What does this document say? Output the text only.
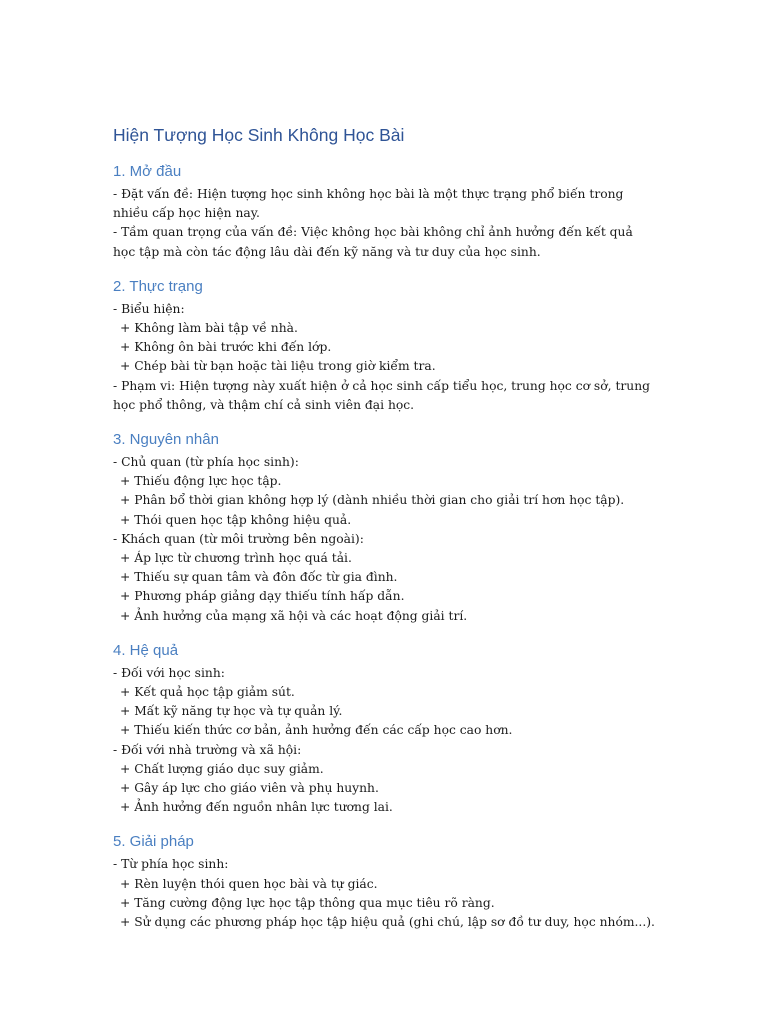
Hiện Tượng Học Sinh Không Học Bài
1. Mở đầu

- Đặt vấn đề: Hiện tượng học sinh không học bài là một thực trạng phổ biến trong nhiều cấp học hiện nay.

- Tầm quan trọng của vấn đề: Việc không học bài không chỉ ảnh hưởng đến kết quả học tập mà còn tác động lâu dài đến kỹ năng và tư duy của học sinh.

2. Thực trạng

- Biểu hiện:

+ Không làm bài tập về nhà.

+ Không ôn bài trước khi đến lớp.

+ Chép bài từ bạn hoặc tài liệu trong giờ kiểm tra.

- Phạm vi: Hiện tượng này xuất hiện ở cả học sinh cấp tiểu học, trung học cơ sở, trung học phổ thông, và thậm chí cả sinh viên đại học.

3. Nguyên nhân

- Chủ quan (từ phía học sinh):

+ Thiếu động lực học tập.

+ Phân bổ thời gian không hợp lý (dành nhiều thời gian cho giải trí hơn học tập).

+ Thói quen học tập không hiệu quả.

- Khách quan (từ môi trường bên ngoài):

+ Áp lực từ chương trình học quá tải.

+ Thiếu sự quan tâm và đôn đốc từ gia đình.

+ Phương pháp giảng dạy thiếu tính hấp dẫn.

+ Ảnh hưởng của mạng xã hội và các hoạt động giải trí.

4. Hệ quả

- Đối với học sinh:

+ Kết quả học tập giảm sút.

+ Mất kỹ năng tự học và tự quản lý.

+ Thiếu kiến thức cơ bản, ảnh hưởng đến các cấp học cao hơn.

- Đối với nhà trường và xã hội:

+ Chất lượng giáo dục suy giảm.

+ Gây áp lực cho giáo viên và phụ huynh.

+ Ảnh hưởng đến nguồn nhân lực tương lai.

5. Giải pháp

- Từ phía học sinh:

+ Rèn luyện thói quen học bài và tự giác.

+ Tăng cường động lực học tập thông qua mục tiêu rõ ràng.

+ Sử dụng các phương pháp học tập hiệu quả (ghi chú, lập sơ đồ tư duy, học nhóm...).
